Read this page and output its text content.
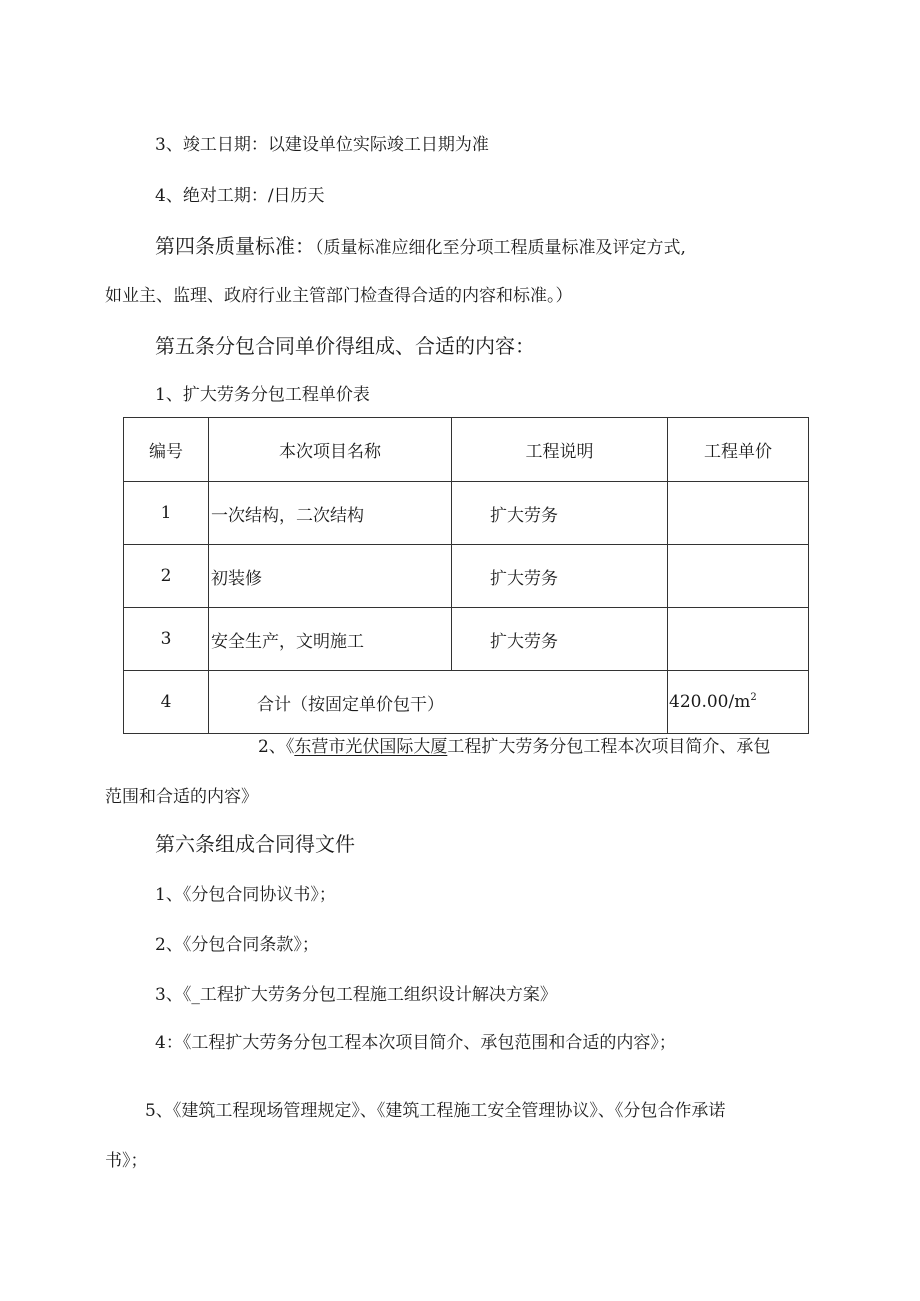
3、竣工日期：以建设单位实际竣工日期为准
4、绝对工期：/日历天
第四条质量标准：（质量标准应细化至分项工程质量标准及评定方式,
如业主、监理、政府行业主管部门检查得合适的内容和标准。）
第五条分包合同单价得组成、合适的内容：
1、扩大劳务分包工程单价表
编号	本次项目名称	工程说明	工程单价
1	一次结构，二次结构	扩大劳务	
2	初装修	扩大劳务	
3	安全生产，文明施工	扩大劳务	
4	合计（按固定单价包干）		$420.00/m^2$
2、《东营市光伏国际大厦工程扩大劳务分包工程本次项目简介、承包
范围和合适的内容》
第六条组成合同得文件
1、《分包合同协议书》；
2、《分包合同条款》；
3、《_工程扩大劳务分包工程施工组织设计解决方案》
4：《工程扩大劳务分包工程本次项目简介、承包范围和合适的内容》；
5、《建筑工程现场管理规定》、《建筑工程施工安全管理协议》、《分包合作承诺
书》；
